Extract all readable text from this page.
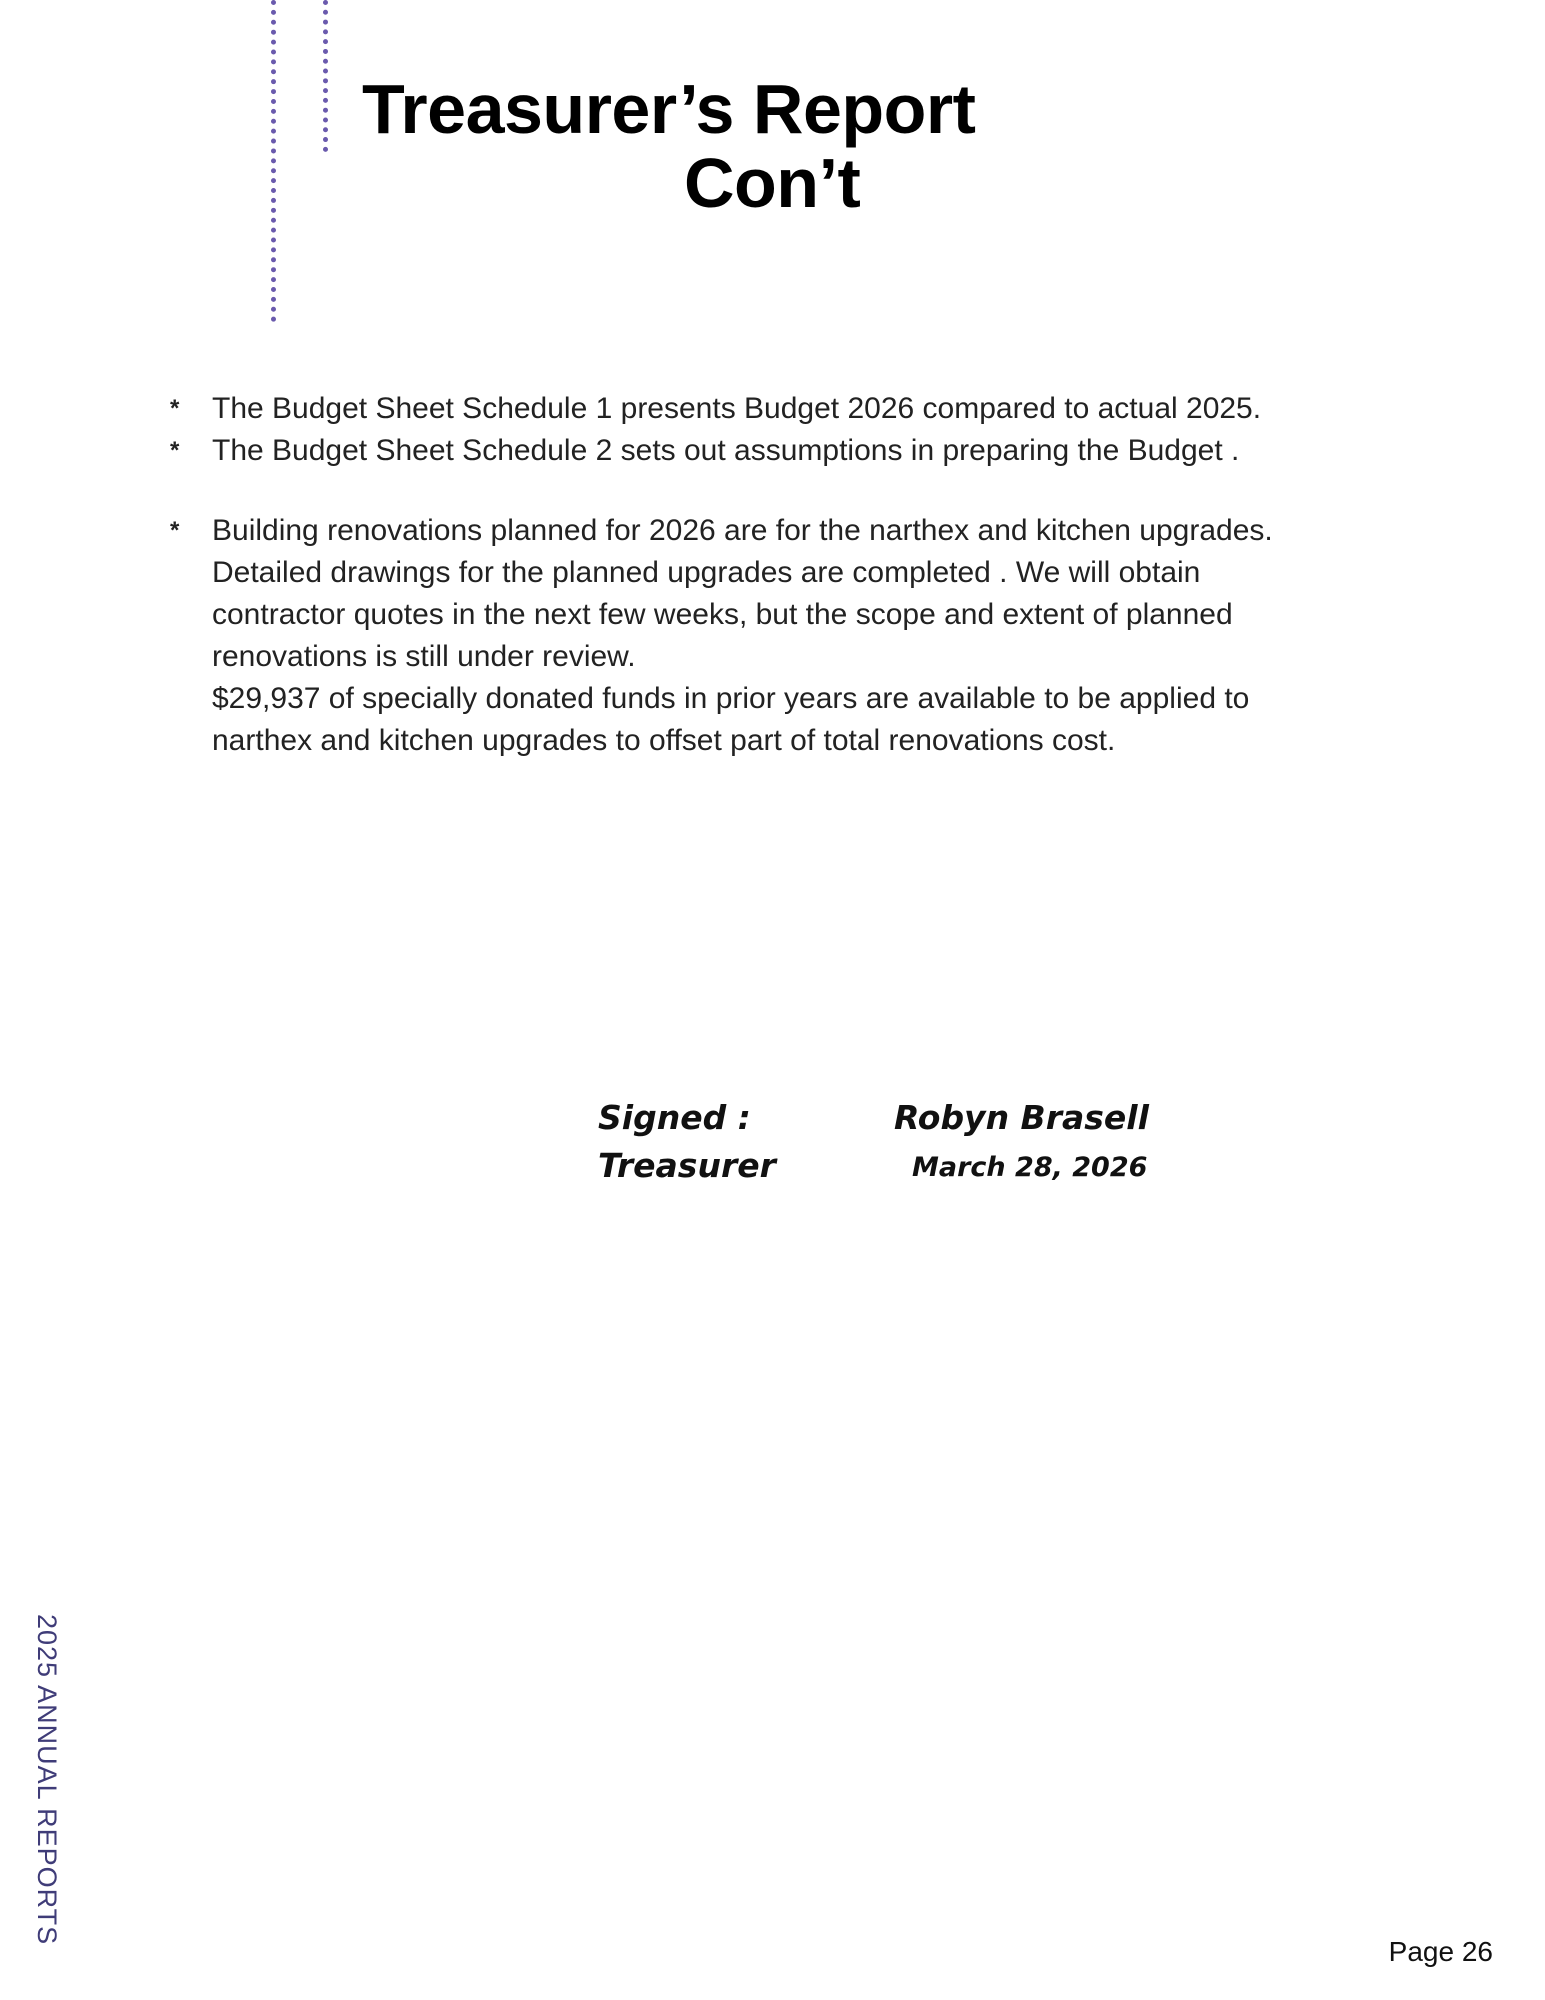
Treasurer’s Report
Con’t
* The Budget Sheet Schedule 1 presents Budget 2026 compared to actual 2025.

* The Budget Sheet Schedule 2 sets out assumptions in preparing the Budget .

* Building renovations planned for 2026 are for the narthex and kitchen upgrades.

Detailed drawings for the planned upgrades are completed . We will obtain

contractor quotes in the next few weeks, but the scope and extent of planned

renovations is still under review.

$29,937 of specially donated funds in prior years are available to be applied to

narthex and kitchen upgrades to offset part of total renovations cost.

Signed :	Robyn Brasell
Treasurer	March 28, 2026
2025 ANNUAL REPORTS
Page 26
